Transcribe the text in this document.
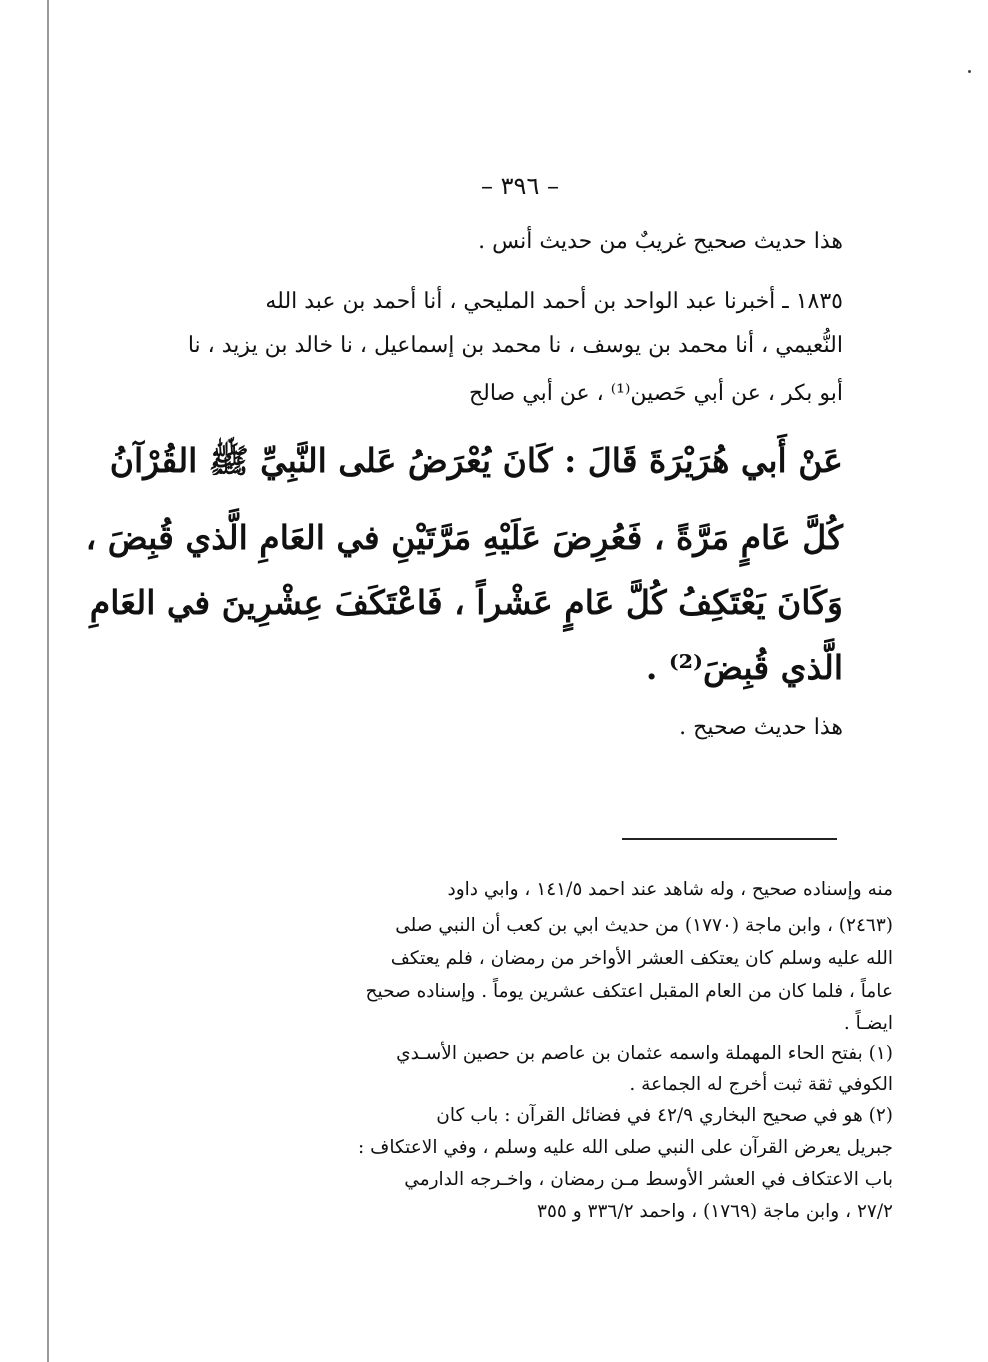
– ٣٩٦ –
هذا حديث صحيح غريبٌ من حديث أنس .
١٨٣٥ ـ أخبرنا عبد الواحد بن أحمد المليحي ، أنا أحمد بن عبد الله
النُّعيمي ، أنا محمد بن يوسف ، نا محمد بن إسماعيل ، نا خالد بن يزيد ، نا
أبو بكر ، عن أبي حَصين⁽¹⁾ ، عن أبي صالح
عَنْ أَبي هُرَيْرَةَ قَالَ : كَانَ يُعْرَضُ عَلى النَّبِيِّ ﷺ القُرْآنُ
كُلَّ عَامٍ مَرَّةً ، فَعُرِضَ عَلَيْهِ مَرَّتَيْنِ في العَامِ الَّذي قُبِضَ ،
وَكَانَ يَعْتَكِفُ كُلَّ عَامٍ عَشْراً ، فَاعْتَكَفَ عِشْرِينَ في العَامِ
الَّذي قُبِضَ⁽²⁾ .
هذا حديث صحيح .
منه وإسناده صحيح ، وله شاهد عند احمد ١٤١/٥ ، وابي داود
(٢٤٦٣) ، وابن ماجة (١٧٧٠) من حديث ابي بن كعب أن النبي صلى
الله عليه وسلم كان يعتكف العشر الأواخر من رمضان ، فلم يعتكف
عاماً ، فلما كان من العام المقبل اعتكف عشرين يوماً . وإسناده صحيح
ايضـاً .
(١) بفتح الحاء المهملة واسمه عثمان بن عاصم بن حصين الأسـدي
الكوفي ثقة ثبت أخرج له الجماعة .
(٢) هو في صحيح البخاري ٤٢/٩ في فضائل القرآن : باب كان
جبريل يعرض القرآن على النبي صلى الله عليه وسلم ، وفي الاعتكاف :
باب الاعتكاف في العشر الأوسط مـن رمضان ، واخـرجه الدارمي
٢٧/٢ ، وابن ماجة (١٧٦٩) ، واحمد ٣٣٦/٢ و ٣٥٥
